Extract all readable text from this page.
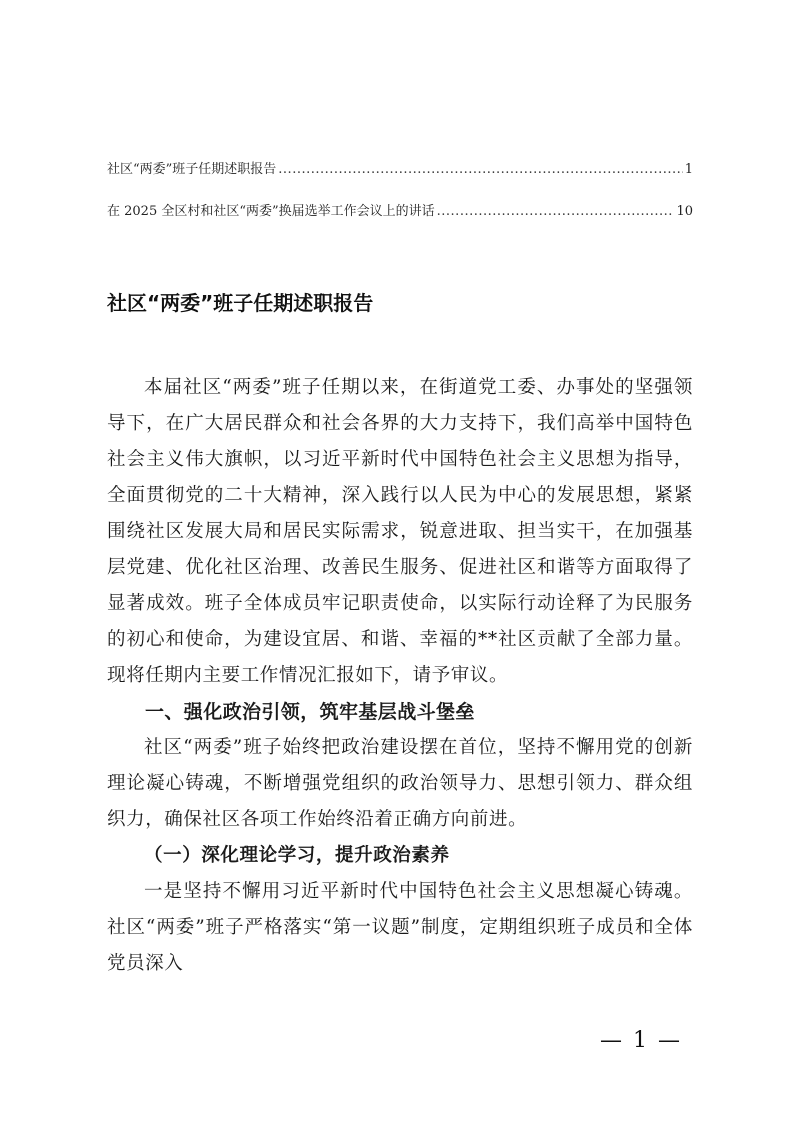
社区“两委”班子任期述职报告 .....	1
在 2025 全区村和社区“两委”换届选举工作会议上的讲话 .....	10
社区“两委”班子任期述职报告

本届社区“两委”班子任期以来，在街道党工委、办事处的坚强领导下，在广大居民群众和社会各界的大力支持下，我们高举中国特色社会主义伟大旗帜，以习近平新时代中国特色社会主义思想为指导，全面贯彻党的二十大精神，深入践行以人民为中心的发展思想，紧紧围绕社区发展大局和居民实际需求，锐意进取、担当实干，在加强基层党建、优化社区治理、改善民生服务、促进社区和谐等方面取得了显著成效。班子全体成员牢记职责使命，以实际行动诠释了为民服务的初心和使命，为建设宜居、和谐、幸福的**社区贡献了全部力量。现将任期内主要工作情况汇报如下，请予审议。

一、强化政治引领，筑牢基层战斗堡垒

社区“两委”班子始终把政治建设摆在首位，坚持不懈用党的创新理论凝心铸魂，不断增强党组织的政治领导力、思想引领力、群众组织力，确保社区各项工作始终沿着正确方向前进。

（一）深化理论学习，提升政治素养

一是坚持不懈用习近平新时代中国特色社会主义思想凝心铸魂。社区“两委”班子严格落实“第一议题”制度，定期组织班子成员和全体党员深入

— 1 —
